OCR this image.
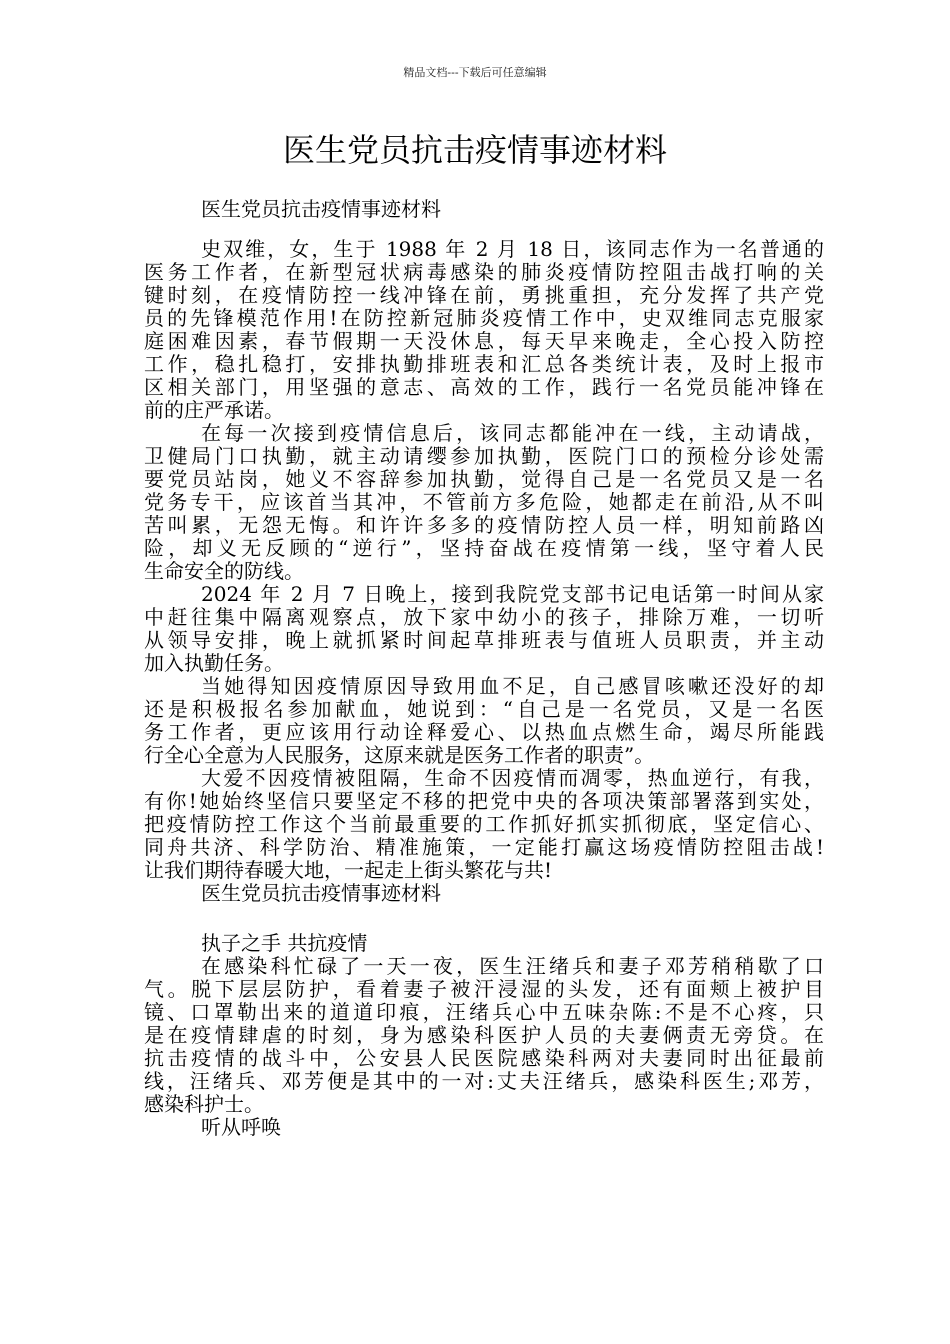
精品文档---下载后可任意编辑
医生党员抗击疫情事迹材料
医生党员抗击疫情事迹材料
史双维，女，生于 1988 年 2 月 18 日，该同志作为一名普通的
医务工作者，在新型冠状病毒感染的肺炎疫情防控阻击战打响的关
键时刻，在疫情防控一线冲锋在前，勇挑重担，充分发挥了共产党
员的先锋模范作用!在防控新冠肺炎疫情工作中，史双维同志克服家
庭困难因素，春节假期一天没休息，每天早来晚走，全心投入防控
工作，稳扎稳打，安排执勤排班表和汇总各类统计表，及时上报市
区相关部门，用坚强的意志、高效的工作，践行一名党员能冲锋在
前的庄严承诺。
在每一次接到疫情信息后，该同志都能冲在一线，主动请战，
卫健局门口执勤，就主动请缨参加执勤，医院门口的预检分诊处需
要党员站岗，她义不容辞参加执勤，觉得自己是一名党员又是一名
党务专干，应该首当其冲，不管前方多危险，她都走在前沿,从不叫
苦叫累，无怨无悔。和许许多多的疫情防控人员一样，明知前路凶
险，却义无反顾的“逆行”，坚持奋战在疫情第一线，坚守着人民
生命安全的防线。
2024 年 2 月 7 日晚上，接到我院党支部书记电话第一时间从家
中赶往集中隔离观察点，放下家中幼小的孩子，排除万难，一切听
从领导安排，晚上就抓紧时间起草排班表与值班人员职责，并主动
加入执勤任务。
当她得知因疫情原因导致用血不足，自己感冒咳嗽还没好的却
还是积极报名参加献血，她说到：“自己是一名党员，又是一名医
务工作者，更应该用行动诠释爱心、以热血点燃生命，竭尽所能践
行全心全意为人民服务，这原来就是医务工作者的职责”。
大爱不因疫情被阻隔，生命不因疫情而凋零，热血逆行，有我，
有你!她始终坚信只要坚定不移的把党中央的各项决策部署落到实处，
把疫情防控工作这个当前最重要的工作抓好抓实抓彻底，坚定信心、
同舟共济、科学防治、精准施策，一定能打赢这场疫情防控阻击战!
让我们期待春暖大地，一起走上街头繁花与共!
医生党员抗击疫情事迹材料
执子之手 共抗疫情
在感染科忙碌了一天一夜，医生汪绪兵和妻子邓芳稍稍歇了口
气。脱下层层防护，看着妻子被汗浸湿的头发，还有面颊上被护目
镜、口罩勒出来的道道印痕，汪绪兵心中五味杂陈:不是不心疼，只
是在疫情肆虐的时刻，身为感染科医护人员的夫妻俩责无旁贷。在
抗击疫情的战斗中，公安县人民医院感染科两对夫妻同时出征最前
线，汪绪兵、邓芳便是其中的一对:丈夫汪绪兵，感染科医生;邓芳，
感染科护士。
听从呼唤
